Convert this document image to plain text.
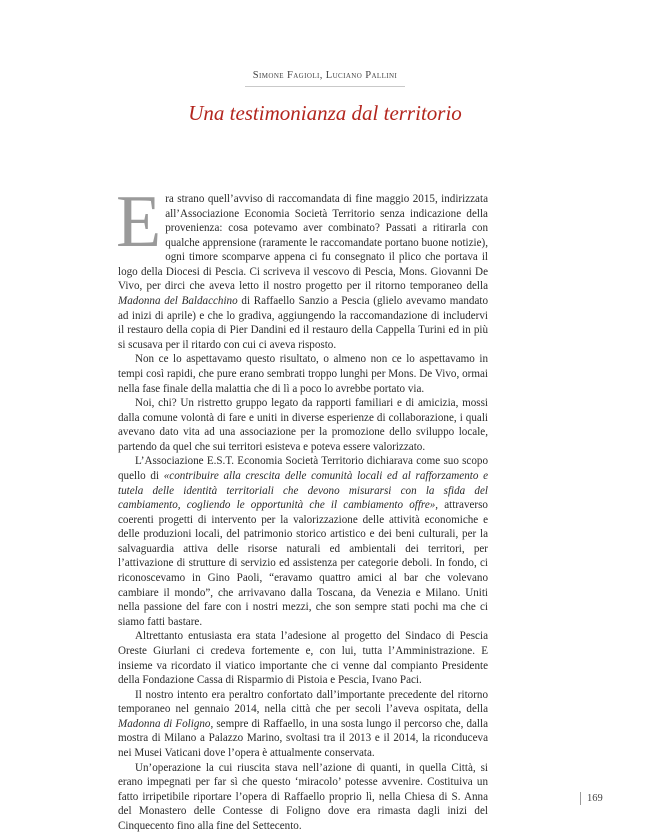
Simone Fagioli, Luciano Pallini
Una testimonianza dal territorio

Era strano quell’avviso di raccomandata di fine maggio 2015, indirizzata all’Associazione Economia Società Territorio senza indicazione della provenienza: cosa potevamo aver combinato? Passati a ritirarla con qualche apprensione (raramente le raccomandate portano buone notizie), ogni timore scomparve appena ci fu consegnato il plico che portava il logo della Diocesi di Pescia. Ci scriveva il vescovo di Pescia, Mons. Giovanni De Vivo, per dirci che aveva letto il nostro progetto per il ritorno temporaneo della Madonna del Baldacchino di Raffaello Sanzio a Pescia (glielo avevamo mandato ad inizi di aprile) e che lo gradiva, aggiungendo la raccomandazione di includervi il restauro della copia di Pier Dandini ed il restauro della Cappella Turini ed in più si scusava per il ritardo con cui ci aveva risposto.

Non ce lo aspettavamo questo risultato, o almeno non ce lo aspettavamo in tempi così rapidi, che pure erano sembrati troppo lunghi per Mons. De Vivo, ormai nella fase finale della malattia che di lì a poco lo avrebbe portato via.

Noi, chi? Un ristretto gruppo legato da rapporti familiari e di amicizia, mossi dalla comune volontà di fare e uniti in diverse esperienze di collaborazione, i quali avevano dato vita ad una associazione per la promozione dello sviluppo locale, partendo da quel che sui territori esisteva e poteva essere valorizzato.

L’Associazione E.S.T. Economia Società Territorio dichiarava come suo scopo quello di «contribuire alla crescita delle comunità locali ed al rafforzamento e tutela delle identità territoriali che devono misurarsi con la sfida del cambiamento, cogliendo le opportunità che il cambiamento offre», attraverso coerenti progetti di intervento per la valorizzazione delle attività economiche e delle produzioni locali, del patrimonio storico artistico e dei beni culturali, per la salvaguardia attiva delle risorse naturali ed ambientali dei territori, per l’attivazione di strutture di servizio ed assistenza per categorie deboli. In fondo, ci riconoscevamo in Gino Paoli, “eravamo quattro amici al bar che volevano cambiare il mondo”, che arrivavano dalla Toscana, da Venezia e Milano. Uniti nella passione del fare con i nostri mezzi, che son sempre stati pochi ma che ci siamo fatti bastare.

Altrettanto entusiasta era stata l’adesione al progetto del Sindaco di Pescia Oreste Giurlani ci credeva fortemente e, con lui, tutta l’Amministrazione. E insieme va ricordato il viatico importante che ci venne dal compianto Presidente della Fondazione Cassa di Risparmio di Pistoia e Pescia, Ivano Paci.

Il nostro intento era peraltro confortato dall’importante precedente del ritorno temporaneo nel gennaio 2014, nella città che per secoli l’aveva ospitata, della Madonna di Foligno, sempre di Raffaello, in una sosta lungo il percorso che, dalla mostra di Milano a Palazzo Marino, svoltasi tra il 2013 e il 2014, la riconduceva nei Musei Vaticani dove l’opera è attualmente conservata.

Un’operazione la cui riuscita stava nell’azione di quanti, in quella Città, si erano impegnati per far sì che questo ‘miracolo’ potesse avvenire. Costituiva un fatto irripetibile riportare l’opera di Raffaello proprio lì, nella Chiesa di S. Anna del Monastero delle Contesse di Foligno dove era rimasta dagli inizi del Cinquecento fino alla fine del Settecento.

169
